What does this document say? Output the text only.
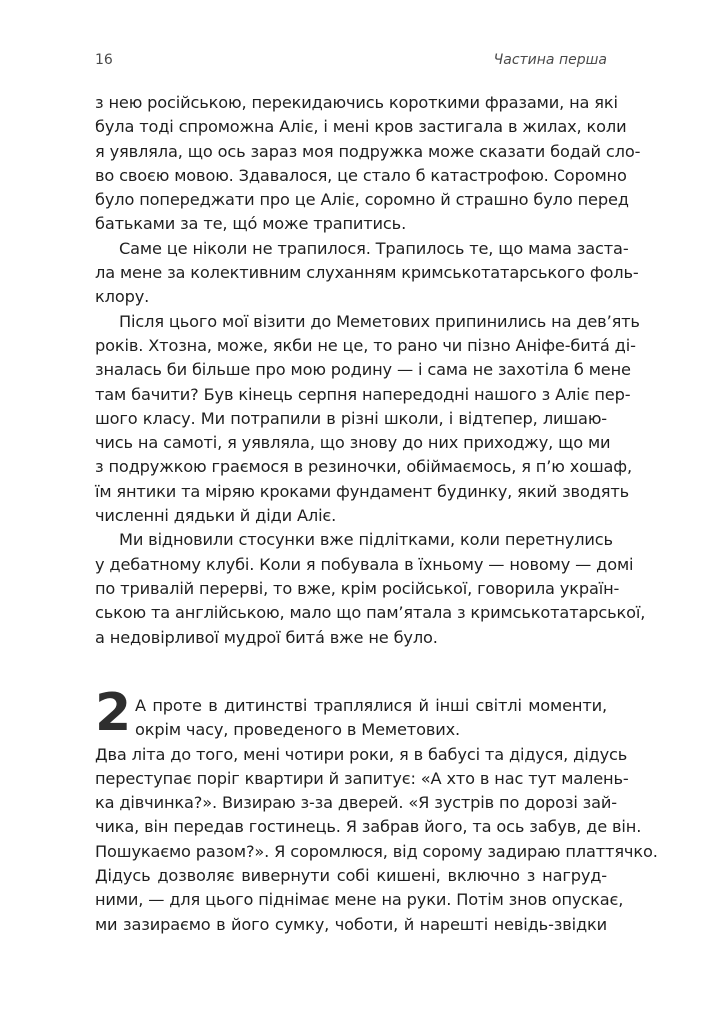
16	Частина перша

з нею російською, перекидаючись короткими фразами, на які

була тоді спроможна Аліє, і мені кров застигала в жилах, коли

я уявляла, що ось зараз моя подружка може сказати бодай сло-

во своєю мовою. Здавалося, це стало б катастрофою. Соромно

було попереджати про це Аліє, соромно й страшно було перед

батьками за те, щó може трапитись.

Саме це ніколи не трапилося. Трапилось те, що мама заста-

ла мене за колективним слуханням кримськотатарського фоль-

клору.

Після цього мої візити до Меметових припинились на дев’ять

років. Хтозна, може, якби не це, то рано чи пізно Аніфе-битá ді-

зналась би більше про мою родину — і сама не захотіла б мене

там бачити? Був кінець серпня напередодні нашого з Аліє пер-

шого класу. Ми потрапили в різні школи, і відтепер, лишаю-

чись на самоті, я уявляла, що знову до них приходжу, що ми

з подружкою граємося в резиночки, обіймаємось, я п’ю хошаф,

їм янтики та міряю кроками фундамент будинку, який зводять

численні дядьки й діди Аліє.

Ми відновили стосунки вже підлітками, коли перетнулись

у дебатному клубі. Коли я побувала в їхньому — новому — домі

по тривалій перерві, то вже, крім російської, говорила україн-

ською та англійською, мало що пам’ятала з кримськотатарської,

а недовірливої мудрої битá вже не було.

2 А проте в дитинстві траплялися й інші світлі моменти,

окрім часу, проведеного в Меметових.

Два літа до того, мені чотири роки, я в бабусі та дідуся, дідусь

переступає поріг квартири й запитує: «А хто в нас тут малень-

ка дівчинка?». Визираю з-за дверей. «Я зустрів по дорозі зай-

чика, він передав гостинець. Я забрав його, та ось забув, де він.

Пошукаємо разом?». Я соромлюся, від сорому задираю платтячко.

Дідусь дозволяє вивернути собі кишені, включно з нагруд-

ними, — для цього піднімає мене на руки. Потім знов опускає,

ми зазираємо в його сумку, чоботи, й нарешті невідь-звідки
